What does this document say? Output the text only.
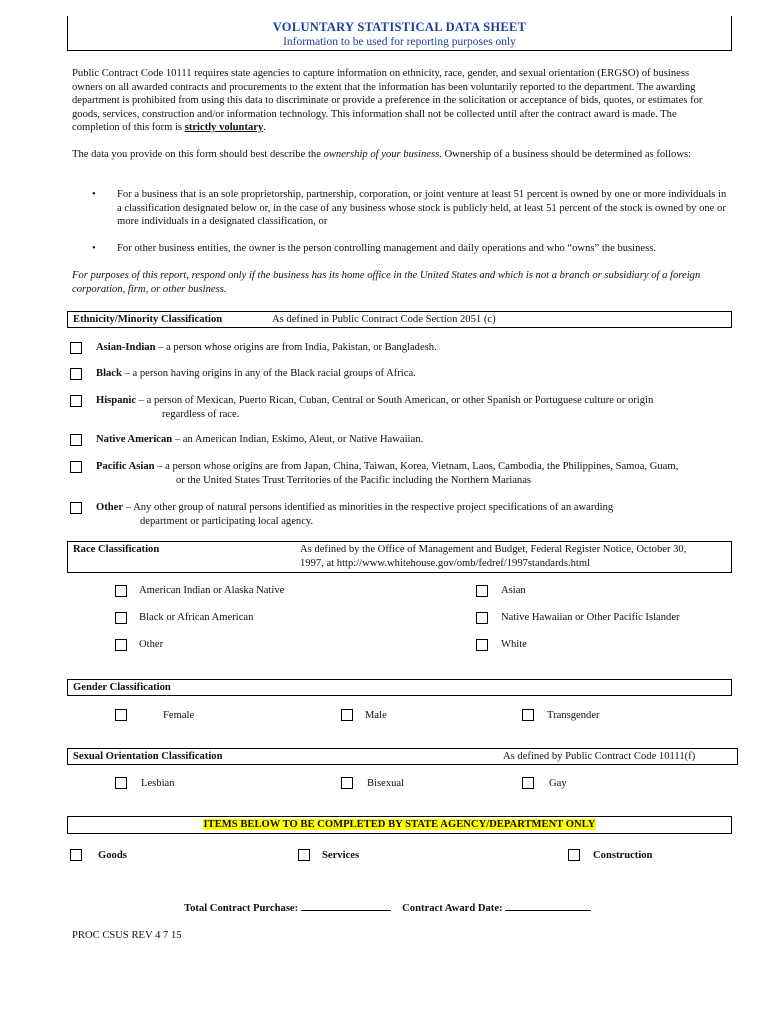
VOLUNTARY STATISTICAL DATA SHEET
Information to be used for reporting purposes only
Public Contract Code 10111 requires state agencies to capture information on ethnicity, race, gender, and sexual orientation (ERGSO) of business owners on all awarded contracts and procurements to the extent that the information has been voluntarily reported to the department. The awarding department is prohibited from using this data to discriminate or provide a preference in the solicitation or acceptance of bids, quotes, or estimates for goods, services, construction and/or information technology. This information shall not be collected until after the contract award is made. The completion of this form is strictly voluntary.
The data you provide on this form should best describe the ownership of your business. Ownership of a business should be determined as follows:
• For a business that is an sole proprietorship, partnership, corporation, or joint venture at least 51 percent is owned by one or more individuals in a classification designated below or, in the case of any business whose stock is publicly held, at least 51 percent of the stock is owned by one or more individuals in a designated classification, or
• For other business entities, the owner is the person controlling management and daily operations and who “owns” the business.
For purposes of this report, respond only if the business has its home office in the United States and which is not a branch or subsidiary of a foreign corporation, firm, or other business.
Ethnicity/Minority Classification	As defined in Public Contract Code Section 2051 (c)
Asian-Indian – a person whose origins are from India, Pakistan, or Bangladesh.
Black – a person having origins in any of the Black racial groups of Africa.
Hispanic – a person of Mexican, Puerto Rican, Cuban, Central or South American, or other Spanish or Portuguese culture or origin regardless of race.
Native American – an American Indian, Eskimo, Aleut, or Native Hawaiian.
Pacific Asian – a person whose origins are from Japan, China, Taiwan, Korea, Vietnam, Laos, Cambodia, the Philippines, Samoa, Guam, or the United States Trust Territories of the Pacific including the Northern Marianas
Other – Any other group of natural persons identified as minorities in the respective project specifications of an awarding department or participating local agency.
Race Classification	As defined by the Office of Management and Budget, Federal Register Notice, October 30, 1997, at http://www.whitehouse.gov/omb/fedref/1997standards.html
American Indian or Alaska Native	Asian
Black or African American	Native Hawaiian or Other Pacific Islander
Other	White
Gender Classification
Female	Male	Transgender
Sexual Orientation Classification	As defined by Public Contract Code 10111(f)
Lesbian	Bisexual	Gay
ITEMS BELOW TO BE COMPLETED BY STATE AGENCY/DEPARTMENT ONLY
Goods	Services	Construction
Total Contract Purchase:	Contract Award Date:
PROC CSUS REV 4 7 15
